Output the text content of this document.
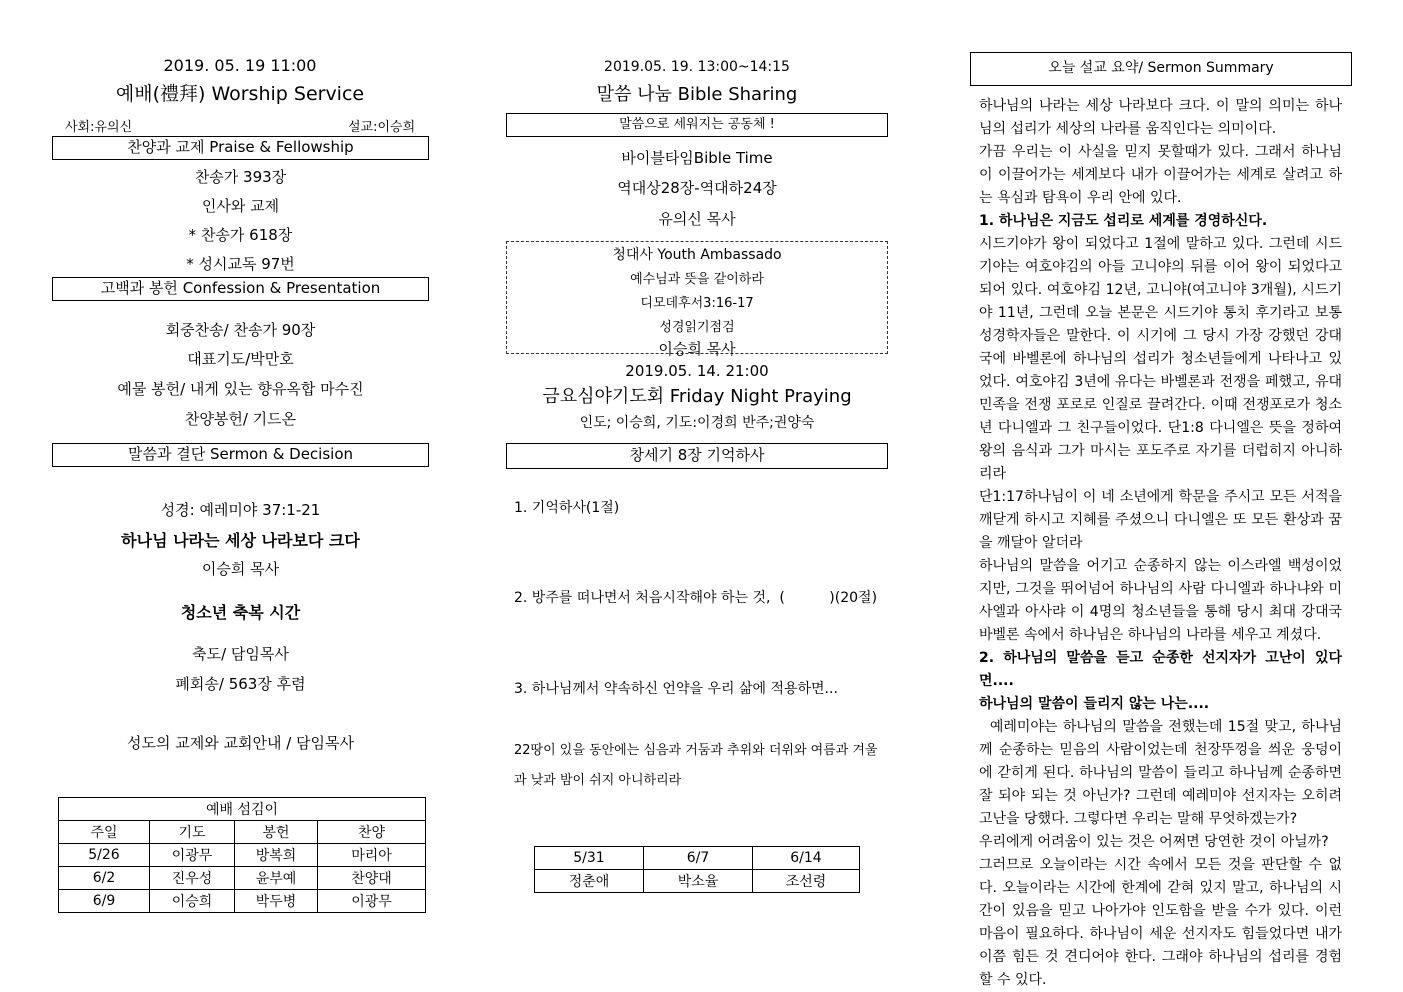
2019. 05. 19 11:00
예배(禮拜) Worship Service
사회:유의신	설교:이승희
찬양과 교제 Praise & Fellowship
찬송가 393장
인사와 교제
* 찬송가 618장
* 성시교독 97번
고백과 봉헌 Confession & Presentation
회중찬송/ 찬송가 90장
대표기도/박만호
예물 봉헌/ 내게 있는 향유옥합 마수진
찬양봉헌/ 기드온
말씀과 결단 Sermon & Decision
성경: 예레미야 37:1-21
하나님 나라는 세상 나라보다 크다
이승희 목사
청소년 축복 시간
축도/ 담임목사
폐회송/ 563장 후렴
성도의 교제와 교회안내 / 담임목사
예배 섬김이			
주일	기도	봉헌	찬양
5/26	이광무	방복희	마리아
6/2	진우성	윤부예	찬양대
6/9	이승희	박두병	이광무
2019.05. 19. 13:00~14:15
말씀 나눔 Bible Sharing
말씀으로 세워지는 공동체 !
바이블타임Bible Time
역대상28장-역대하24장
유의신 목사
청대사 Youth Ambassado
예수님과 뜻을 같이하라
디모데후서3:16-17
성경읽기점검
이승희 목사
2019.05. 14. 21:00
금요심야기도회 Friday Night Praying
인도; 이승희, 기도:이경희 반주;권양숙
창세기 8장 기억하사
1. 기억하사(1절)
2. 방주를 떠나면서 처음시작해야 하는 것,  (          )(20절)
3. 하나님께서 약속하신 언약을 우리 삶에 적용하면...
22땅이 있을 동안에는 심음과 거둠과 추위와 더위와 여름과 겨울과 낮과 밤이 쉬지 아니하리라
5/31	6/7	6/14
정춘애	박소율	조선령
오늘 설교 요약/ Sermon Summary

하나님의 나라는 세상 나라보다 크다. 이 말의 의미는 하나님의 섭리가 세상의 나라를 움직인다는 의미이다.

가끔 우리는 이 사실을 믿지 못할때가 있다. 그래서 하나님이 이끌어가는 세계보다 내가 이끌어가는 세계로 살려고 하는 욕심과 탐욕이 우리 안에 있다.

1. 하나님은 지금도 섭리로 세계를 경영하신다.

시드기야가 왕이 되었다고 1절에 말하고 있다. 그런데 시드기야는 여호야김의 아들 고니야의 뒤를 이어 왕이 되었다고 되어 있다. 여호야김 12년, 고니야(여고니야 3개월), 시드기야 11년, 그런데 오늘 본문은 시드기야 통치 후기라고 보통 성경학자들은 말한다. 이 시기에 그 당시 가장 강했던 강대국에 바벨론에 하나님의 섭리가 청소년들에게 나타나고 있었다. 여호야김 3년에 유다는 바벨론과 전쟁을 페했고, 유대민족을 전쟁 포로로 인질로 끌려간다. 이때 전쟁포로가 청소년 다니엘과 그 친구들이었다. 단1:8 다니엘은 뜻을 정하여 왕의 음식과 그가 마시는 포도주로 자기를 더럽히지 아니하리라

단1:17하나님이 이 네 소년에게 학문을 주시고 모든 서적을 깨닫게 하시고 지혜를 주셨으니 다니엘은 또 모든 환상과 꿈을 깨달아 알더라

하나님의 말씀을 어기고 순종하지 않는 이스라엘 백성이었지만, 그것을 뛰어넘어 하나님의 사람 다니엘과 하나냐와 미사엘과 아사랴 이 4명의 청소년들을 통해 당시 최대 강대국 바벨론 속에서 하나님은 하나님의 나라를 세우고 계셨다.

2. 하나님의 말씀을 듣고 순종한 선지자가 고난이 있다면....

하나님의 말씀이 들리지 않는 나는....

예레미야는 하나님의 말씀을 전했는데 15절 맞고, 하나님께 순종하는 믿음의 사람이었는데 천장뚜껑을 씌운 웅덩이에 갇히게 된다. 하나님의 말씀이 들리고 하나님께 순종하면 잘 되야 되는 것 아닌가? 그런데 예레미야 선지자는 오히려 고난을 당했다. 그렇다면 우리는 말해 무엇하겠는가?

우리에게 어려움이 있는 것은 어쩌면 당연한 것이 아닐까?

그러므로 오늘이라는 시간 속에서 모든 것을 판단할 수 없다. 오늘이라는 시간에 한계에 갇혀 있지 말고, 하나님의 시간이 있음을 믿고 나아가야 인도함을 받을 수가 있다. 이런 마음이 필요하다. 하나님이 세운 선지자도 힘들었다면 내가 이쯤 힘든 것 견디어야 한다. 그래야 하나님의 섭리를 경험할 수 있다.
